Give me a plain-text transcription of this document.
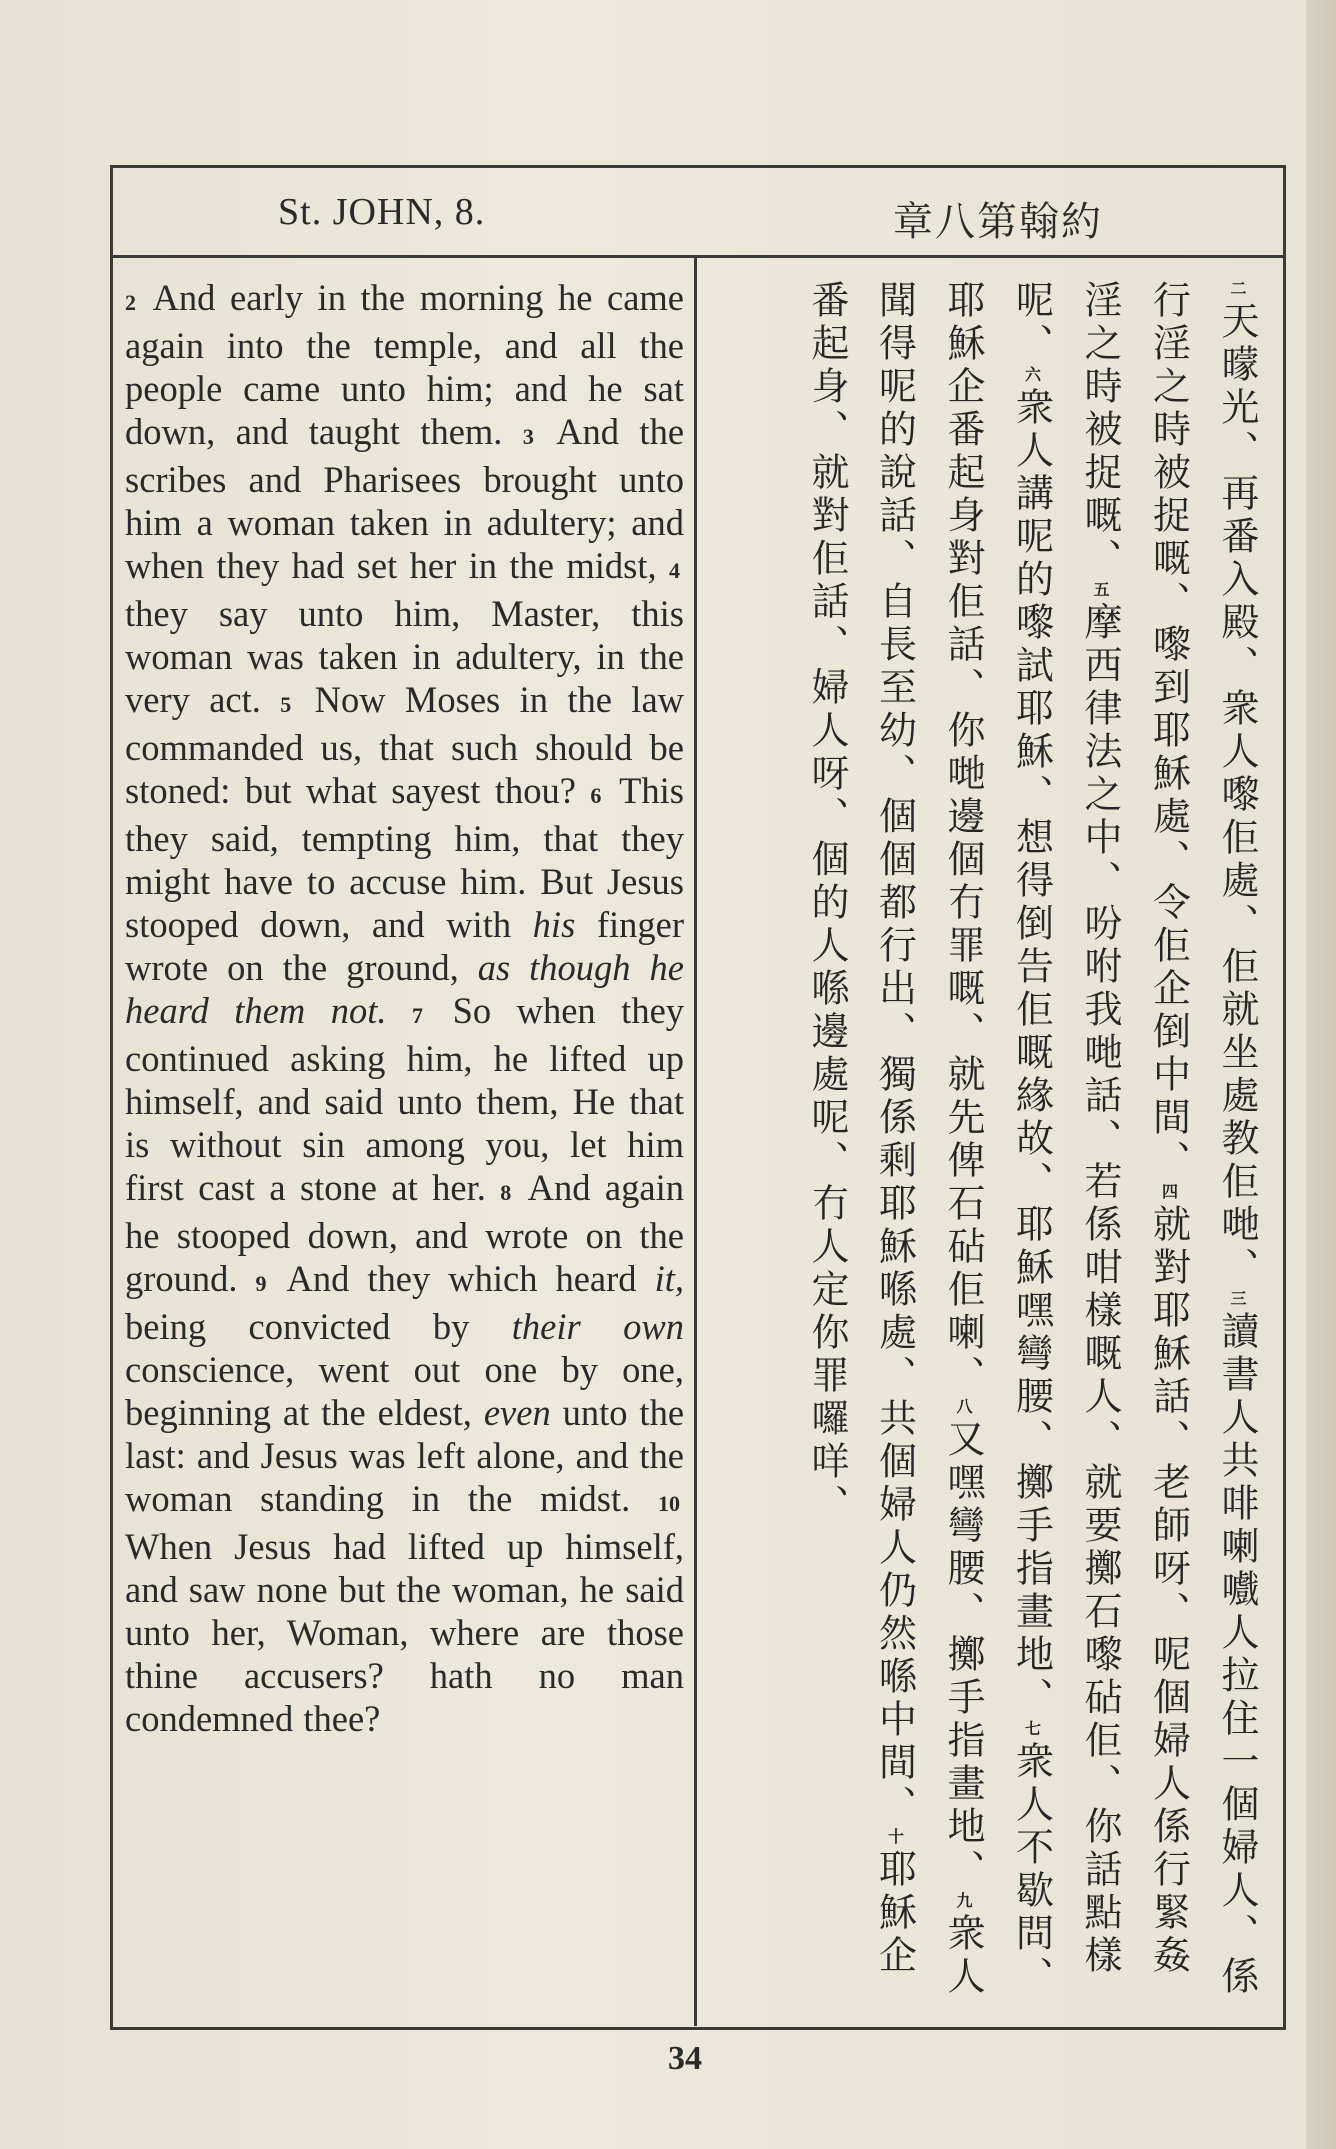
St. JOHN, 8.	約翰第八章
2 And early in the morning he came again into the temple, and all the people came unto him; and he sat down, and taught them. 3 And the scribes and Pharisees brought unto him a woman taken in adultery; and when they had set her in the midst, 4 they say unto him, Master, this woman was taken in adultery, in the very act. 5 Now Moses in the law commanded us, that such should be stoned: but what sayest thou? 6 This they said, tempting him, that they might have to accuse him. But Jesus stooped down, and with his finger wrote on the ground, as though he heard them not. 7 So when they continued asking him, he lifted up himself, and said unto them, He that is without sin among you, let him first cast a stone at her. 8 And again he stooped down, and wrote on the ground. 9 And they which heard it, being convicted by their own conscience, went out one by one, beginning at the eldest, even unto the last: and Jesus was left alone, and the woman standing in the midst. 10 When Jesus had lifted up himself, and saw none but the woman, he said unto her, Woman, where are those thine accusers? hath no man condemned thee?
二天曚光、再番入殿、衆人嚟佢處、佢就坐處教佢哋、三讀書人共啡喇嚱人拉住一個婦人、係行淫之時被捉嘅、嚟到耶穌處、令佢企倒中間、四就對耶穌話、老師呀、呢個婦人係行緊姦淫之時被捉嘅、五摩西律法之中、吩咐我哋話、若係咁樣嘅人、就要擲石嚟砧佢、你話點樣呢、六衆人講呢的嚟試耶穌、想得倒告佢嘅緣故、耶穌嘿彎腰、擲手指畫地、七衆人不歇問、耶穌企番起身對佢話、你哋邊個冇罪嘅、就先俾石砧佢喇、八又嘿彎腰、擲手指畫地、九衆人聞得呢的說話、自長至幼、個個都行出、獨係剩耶穌喺處、共個婦人仍然喺中間、十耶穌企番起身、就對佢話、婦人呀、個的人喺邊處呢、冇人定你罪囉咩、
34
